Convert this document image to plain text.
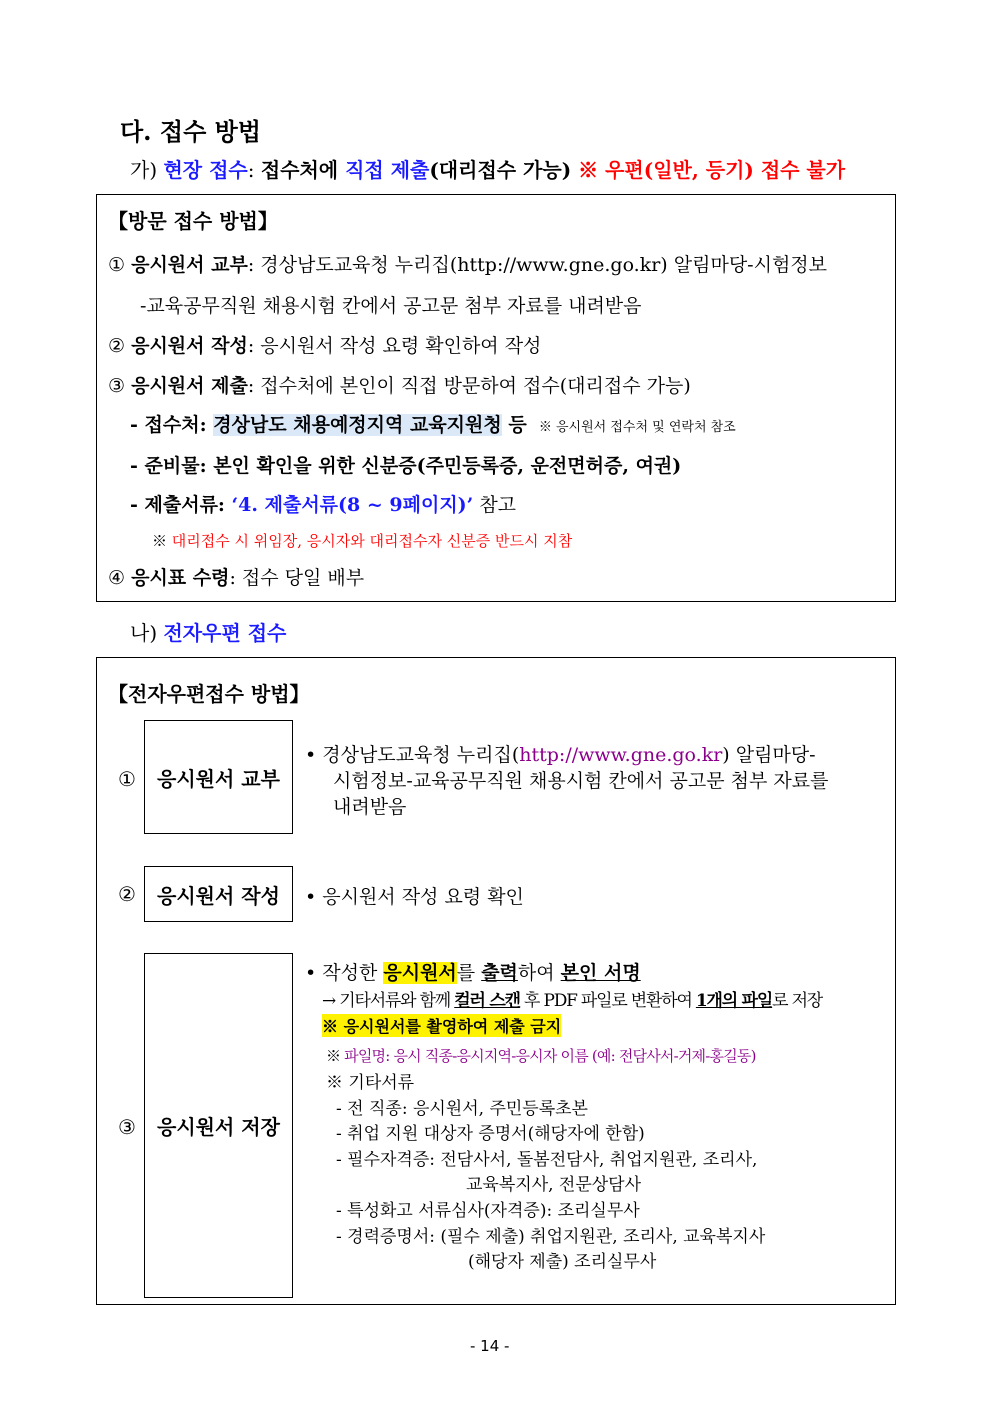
다. 접수 방법
가) 현장 접수: 접수처에 직접 제출(대리접수 가능) ※ 우편(일반, 등기) 접수 불가
【방문 접수 방법】
① 응시원서 교부: 경상남도교육청 누리집(http://www.gne.go.kr) 알림마당-시험정보
-교육공무직원 채용시험 칸에서 공고문 첨부 자료를 내려받음
② 응시원서 작성: 응시원서 작성 요령 확인하여 작성
③ 응시원서 제출: 접수처에 본인이 직접 방문하여 접수(대리접수 가능)
- 접수처: 경상남도 채용예정지역 교육지원청 등 ※ 응시원서 접수처 및 연락처 참조
- 준비물: 본인 확인을 위한 신분증(주민등록증, 운전면허증, 여권)
- 제출서류: ‘4. 제출서류(8 ~ 9페이지)’ 참고
※ 대리접수 시 위임장, 응시자와 대리접수자 신분증 반드시 지참
④ 응시표 수령: 접수 당일 배부
나) 전자우편 접수
【전자우편접수 방법】
① 응시원서 교부
• 경상남도교육청 누리집(http://www.gne.go.kr) 알림마당-
시험정보-교육공무직원 채용시험 칸에서 공고문 첨부 자료를
내려받음
② 응시원서 작성 • 응시원서 작성 요령 확인
③ 응시원서 저장
• 작성한 응시원서를 출력하여 본인 서명
→ 기타서류와 함께 컬러 스캔 후 PDF 파일로 변환하여 1개의 파일로 저장
※ 응시원서를 촬영하여 제출 금지
※ 파일명: 응시 직종-응시지역-응시자 이름 (예: 전담사서-거제-홍길동)
※ 기타서류
- 전 직종: 응시원서, 주민등록초본
- 취업 지원 대상자 증명서(해당자에 한함)
- 필수자격증: 전담사서, 돌봄전담사, 취업지원관, 조리사,
교육복지사, 전문상담사
- 특성화고 서류심사(자격증): 조리실무사
- 경력증명서: (필수 제출) 취업지원관, 조리사, 교육복지사
(해당자 제출) 조리실무사
- 14 -
